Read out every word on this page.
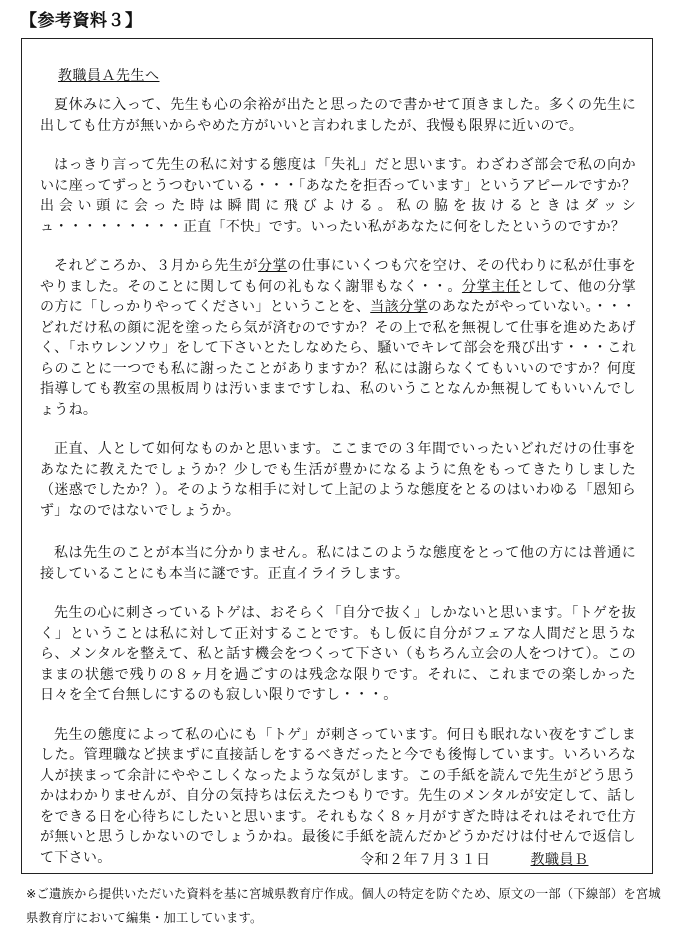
【参考資料３】
教職員Ａ先生へ

夏休みに入って、先生も心の余裕が出たと思ったので書かせて頂きました。多くの先生に出しても仕方が無いからやめた方がいいと言われましたが、我慢も限界に近いので。

はっきり言って先生の私に対する態度は「失礼」だと思います。わざわざ部会で私の向かいに座ってずっとうつむいている・・・「あなたを拒否っています」というアピールですか？出会い頭に会った時は瞬間に飛びよける。私の脇を抜けるときはダッシュ・・・・・・・・・正直「不快」です。いったい私があなたに何をしたというのですか？

それどころか、３月から先生が分掌の仕事にいくつも穴を空け、その代わりに私が仕事をやりました。そのことに関しても何の礼もなく謝罪もなく・・。分掌主任として、他の分掌の方に「しっかりやってください」ということを、当該分掌のあなたがやっていない。・・・どれだけ私の顔に泥を塗ったら気が済むのですか？その上で私を無視して仕事を進めたあげく、「ホウレンソウ」をして下さいとたしなめたら、騒いでキレて部会を飛び出す・・・これらのことに一つでも私に謝ったことがありますか？私には謝らなくてもいいのですか？何度指導しても教室の黒板周りは汚いままですしね、私のいうことなんか無視してもいいんでしょうね。

正直、人として如何なものかと思います。ここまでの３年間でいったいどれだけの仕事をあなたに教えたでしょうか？少しでも生活が豊かになるように魚をもってきたりしました（迷惑でしたか？）。そのような相手に対して上記のような態度をとるのはいわゆる「恩知らず」なのではないでしょうか。

私は先生のことが本当に分かりません。私にはこのような態度をとって他の方には普通に接していることにも本当に謎です。正直イライラします。

先生の心に刺さっているトゲは、おそらく「自分で抜く」しかないと思います。「トゲを抜く」ということは私に対して正対することです。もし仮に自分がフェアな人間だと思うなら、メンタルを整えて、私と話す機会をつくって下さい（もちろん立会の人をつけて）。このままの状態で残りの８ヶ月を過ごすのは残念な限りです。それに、これまでの楽しかった日々を全て台無しにするのも寂しい限りですし・・・。

先生の態度によって私の心にも「トゲ」が刺さっています。何日も眠れない夜をすごしました。管理職など挟まずに直接話しをするべきだったと今でも後悔しています。いろいろな人が挟まって余計にややこしくなったような気がします。この手紙を読んで先生がどう思うかはわかりませんが、自分の気持ちは伝えたつもりです。先生のメンタルが安定して、話しをできる日を心待ちにしたいと思います。それもなく８ヶ月がすぎた時はそれはそれで仕方が無いと思うしかないのでしょうかね。最後に手紙を読んだかどうかだけは付せんで返信して下さい。	令和２年７月３１日	教職員Ｂ
※ご遺族から提供いただいた資料を基に宮城県教育庁作成。個人の特定を防ぐため、原文の一部（下線部）を宮城県教育庁において編集・加工しています。
